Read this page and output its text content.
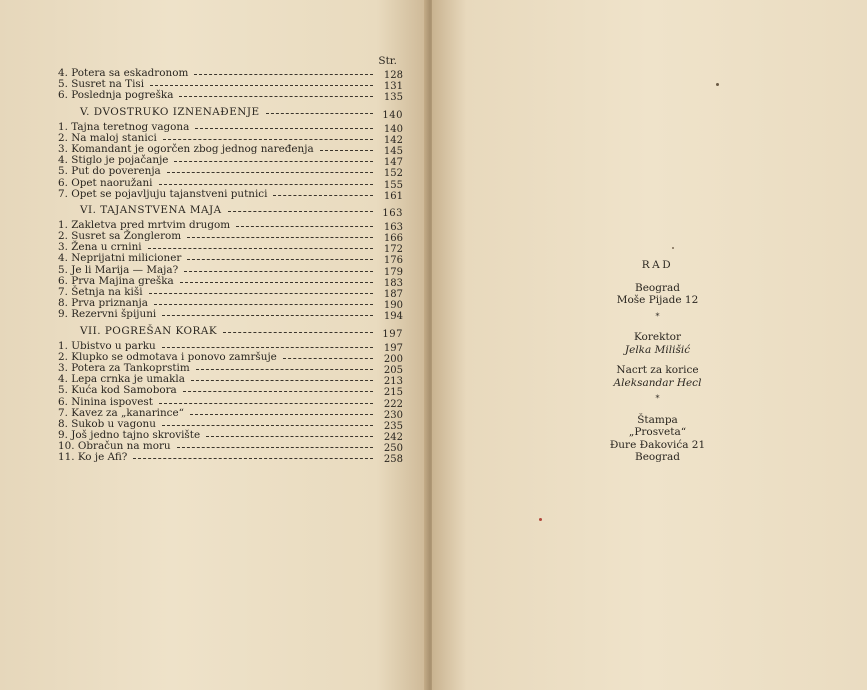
Str.
4. Potera sa eskadronom	128
5. Susret na Tisi	131
6. Poslednja pogreška	135
V. DVOSTRUKO IZNENAĐENJE	140
1. Tajna teretnog vagona	140
2. Na maloj stanici	142
3. Komandant je ogorčen zbog jednog naređenja	145
4. Stiglo je pojačanje	147
5. Put do poverenja	152
6. Opet naoružani	155
7. Opet se pojavljuju tajanstveni putnici	161
VI. TAJANSTVENA MAJA	163
1. Zakletva pred mrtvim drugom	163
2. Susret sa Žonglerom	166
3. Žena u crnini	172
4. Neprijatni milicioner	176
5. Je li Marija — Maja?	179
6. Prva Majina greška	183
7. Šetnja na kiši	187
8. Prva priznanja	190
9. Rezervni špijuni	194
VII. POGREŠAN KORAK	197
1. Ubistvo u parku	197
2. Klupko se odmotava i ponovo zamršuje	200
3. Potera za Tankoprstim	205
4. Lepa crnka je umakla	213
5. Kuća kod Samobora	215
6. Ninina ispovest	222
7. Kavez za „kanarince“	230
8. Sukob u vagonu	235
9. Još jedno tajno skrovište	242
10. Obračun na moru	250
11. Ko je Afi?	258
RAD
Beograd
Moše Pijade 12
*
Korektor
Jelka Milišić
Nacrt za korice
Aleksandar Hecl
*
Štampa
„Prosveta“
Đure Đakovića 21
Beograd
